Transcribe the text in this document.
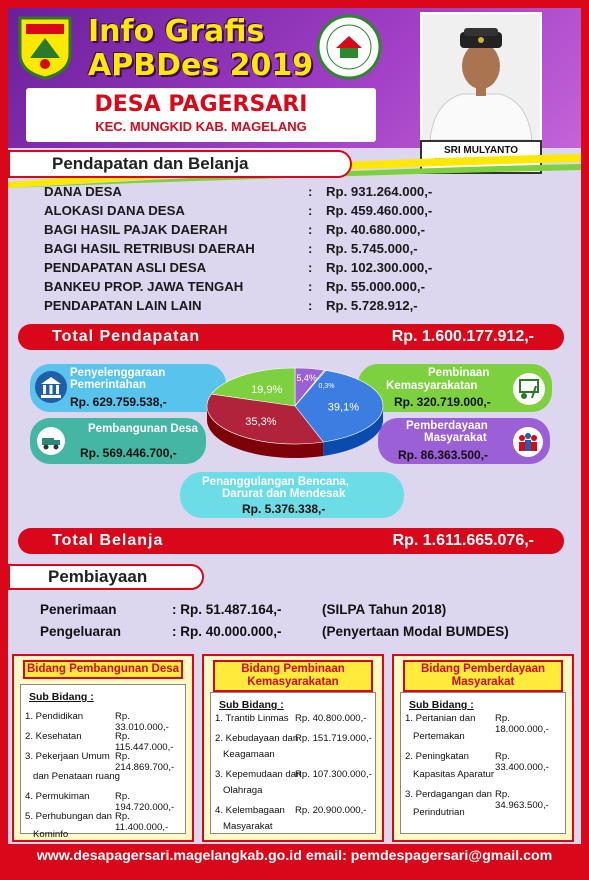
Info Grafis
APBDes 2019
SRI MULYANTO
DESA PAGERSARI
KEC. MUNGKID KAB. MAGELANG
Pendapatan dan Belanja
DANA DESA	: Rp. 931.264.000,-
ALOKASI DANA DESA	: Rp. 459.460.000,-
BAGI HASIL PAJAK DAERAH	: Rp. 40.680.000,-
BAGI HASIL RETRIBUSI DAERAH	: Rp. 5.745.000,-
PENDAPATAN ASLI DESA	: Rp. 102.300.000,-
BANKEU PROP. JAWA TENGAH	: Rp. 55.000.000,-
PENDAPATAN LAIN LAIN	: Rp. 5.728.912,-
Total Pendapatan	Rp. 1.600.177.912,-
Penyelenggaraan
Pemerintahan
Rp. 629.759.538,-
Pembinaan
Kemasyarakatan
Rp. 320.719.000,-
Pembangunan Desa
Rp. 569.446.700,-
Pemberdayaan
Masyarakat
Rp. 86.363.500,-
Penanggulangan Bencana,
Darurat dan Mendesak
Rp. 5.376.338,-
5,4%
0,3%
39,1%
35,3%
19,9%
Total Belanja	Rp. 1.611.665.076,-
Pembiayaan
Penerimaan	: Rp. 51.487.164,-	(SILPA Tahun 2018)
Pengeluaran	: Rp. 40.000.000,-	(Penyertaan Modal BUMDES)
Bidang Pembangunan Desa
Sub Bidang :
1. Pendidikan	Rp. 33.010.000,-
2. Kesehatan	Rp. 115.447.000,-
3. Pekerjaan Umum Rp. 214.869.700,-
dan Penataan ruang
4. Permukiman	Rp. 194.720.000,-
5. Perhubungan dan Rp. 11.400.000,-
Kominfo
Bidang Pembinaan Kemasyarakatan
Sub Bidang :
1. Trantib Linmas Rp. 40.800.000,-
2. Kebudayaan dan
Rp. 151.719.000,-
Keagamaan
3. Kepemudaan dan
Rp. 107.300.000,-
Olahraga
4. Kelembagaan Rp. 20.900.000,-
Masyarakat
Bidang Pemberdayaan Masyarakat
Sub Bidang :
1. Pertanian dan Rp. 18.000.000,-
Pertemakan
2. Peningkatan	Rp. 33.400.000,-
Kapasitas Aparatur
3. Perdagangan dan Rp. 34.963.500,-
Perindutrian
www.desapagersari.magelangkab.go.id email: pemdespagersari@gmail.com
